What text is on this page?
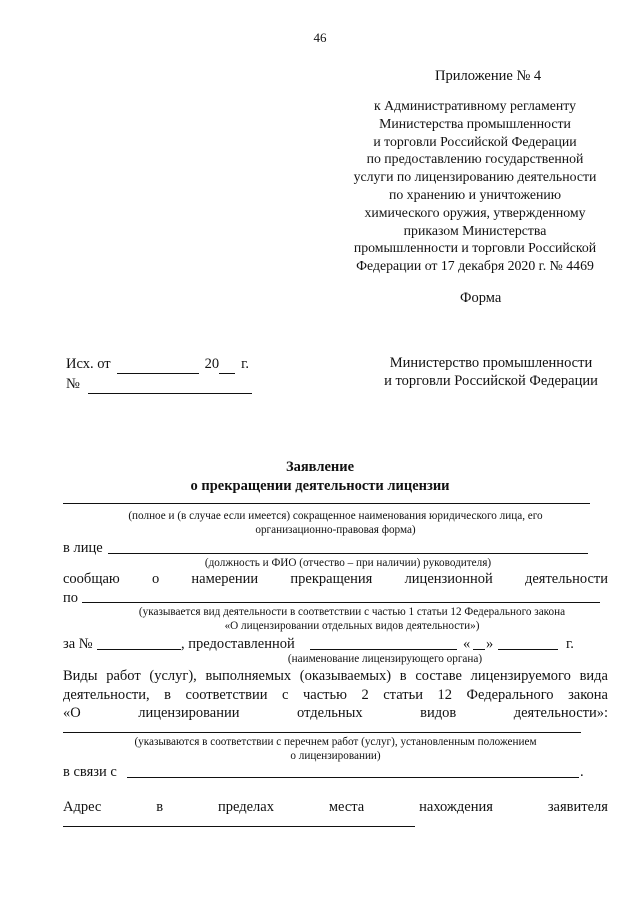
46
Приложение № 4
к Административному регламенту
Министерства промышленности
и торговли Российской Федерации
по предоставлению государственной
услуги по лицензированию деятельности
по хранению и уничтожению
химического оружия, утвержденному
приказом Министерства
промышленности и торговли Российской
Федерации от 17 декабря 2020 г. № 4469
Форма
Исх. от	20 г.
№
Министерство промышленности
и торговли Российской Федерации
Заявление
о прекращении деятельности лицензии
(полное и (в случае если имеется) сокращенное наименования юридического лица, его
организационно-правовая форма)
в лице
(должность и ФИО (отчество – при наличии) руководителя)
сообщаю о намерении прекращения лицензионной деятельности
по
(указывается вид деятельности в соответствии с частью 1 статьи 12 Федерального закона
«О лицензировании отдельных видов деятельности»)
за №	, предоставленной	« »	г.
(наименование лицензирующего органа)
Виды работ (услуг), выполняемых (оказываемых) в составе лицензируемого вида
деятельности, в соответствии с частью 2 статьи 12 Федерального закона
«О лицензировании отдельных видов деятельности»:
(указываются в соответствии с перечнем работ (услуг), установленным положением
о лицензировании)
в связи с	.
Адрес	в	пределах	места	нахождения	заявителя
